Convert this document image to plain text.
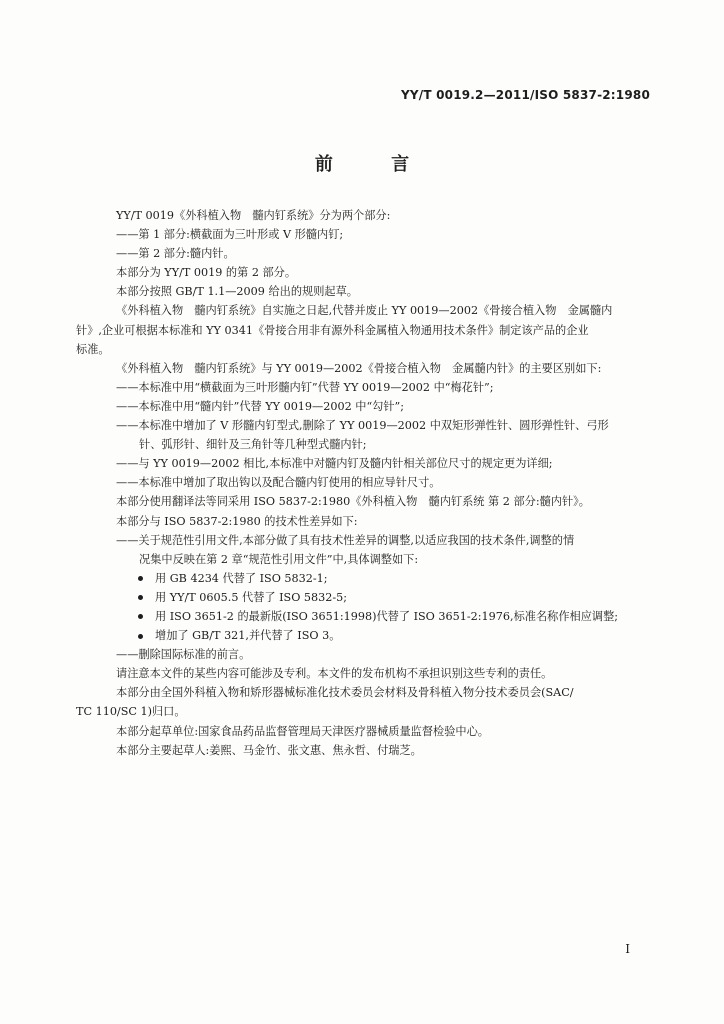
YY/T 0019.2—2011/ISO 5837-2:1980
前 言

YY/T 0019《外科植入物　髓内钉系统》分为两个部分:

——第 1 部分:横截面为三叶形或 V 形髓内钉;

——第 2 部分:髓内针。

本部分为 YY/T 0019 的第 2 部分。

本部分按照 GB/T 1.1—2009 给出的规则起草。

《外科植入物　髓内钉系统》自实施之日起,代替并废止 YY 0019—2002《骨接合植入物　金属髓内

针》,企业可根据本标准和 YY 0341《骨接合用非有源外科金属植入物通用技术条件》制定该产品的企业

标准。

《外科植入物　髓内钉系统》与 YY 0019—2002《骨接合植入物　金属髓内针》的主要区别如下:

——本标准中用“横截面为三叶形髓内钉”代替 YY 0019—2002 中“梅花针”;

——本标准中用“髓内针”代替 YY 0019—2002 中“勾针”;

——本标准中增加了 V 形髓内钉型式,删除了 YY 0019—2002 中双矩形弹性针、圆形弹性针、弓形

针、弧形针、细针及三角针等几种型式髓内针;

——与 YY 0019—2002 相比,本标准中对髓内钉及髓内针相关部位尺寸的规定更为详细;

——本标准中增加了取出钩以及配合髓内钉使用的相应导针尺寸。

本部分使用翻译法等同采用 ISO 5837-2:1980《外科植入物　髓内钉系统 第 2 部分:髓内针》。

本部分与 ISO 5837-2:1980 的技术性差异如下:

——关于规范性引用文件,本部分做了具有技术性差异的调整,以适应我国的技术条件,调整的情

况集中反映在第 2 章“规范性引用文件”中,具体调整如下:

用 GB 4234 代替了 ISO 5832-1;

用 YY/T 0605.5 代替了 ISO 5832-5;

用 ISO 3651-2 的最新版(ISO 3651:1998)代替了 ISO 3651-2:1976,标准名称作相应调整;

增加了 GB/T 321,并代替了 ISO 3。

——删除国际标准的前言。

请注意本文件的某些内容可能涉及专利。本文件的发布机构不承担识别这些专利的责任。

本部分由全国外科植入物和矫形器械标准化技术委员会材料及骨科植入物分技术委员会(SAC/

TC 110/SC 1)归口。

本部分起草单位:国家食品药品监督管理局天津医疗器械质量监督检验中心。

本部分主要起草人:姜熙、马金竹、张文惠、焦永哲、付瑞芝。

I
